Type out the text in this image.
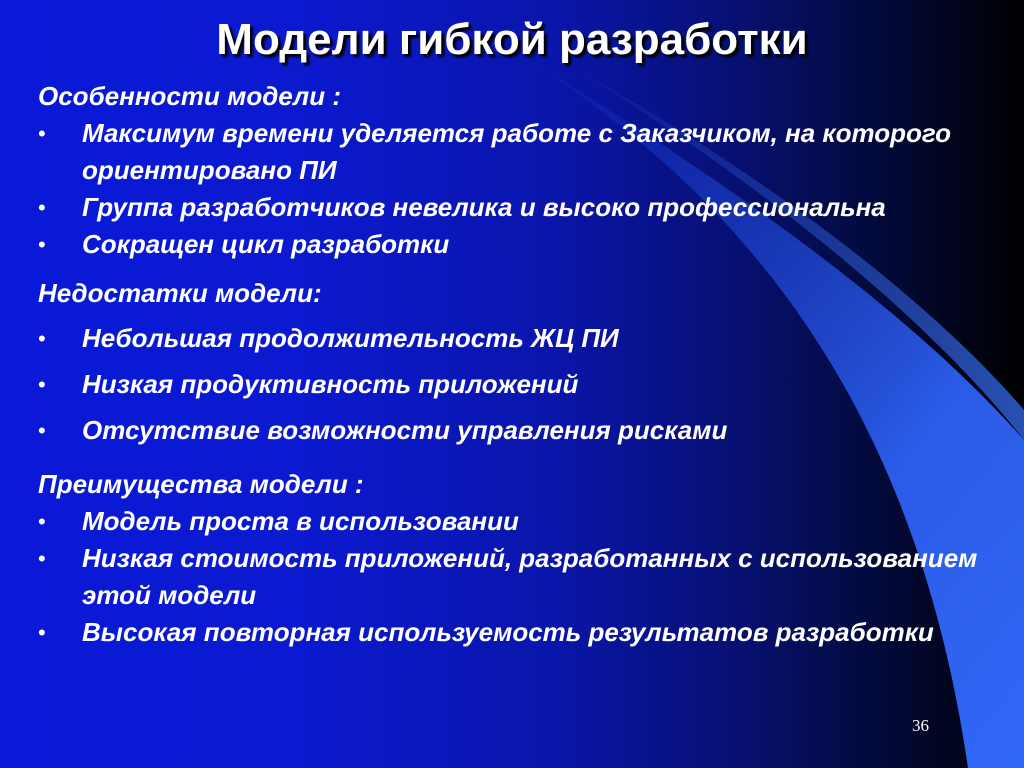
Модели гибкой разработки

Особенности модели :

• Максимум времени уделяется работе с Заказчиком, на которого ориентировано ПИ
• Группа разработчиков невелика и высоко профессиональна
• Сокращен цикл разработки

Недостатки модели:

• Небольшая продолжительность ЖЦ ПИ
• Низкая продуктивность приложений
• Отсутствие возможности управления рисками

Преимущества модели :

• Модель проста в использовании
• Низкая стоимость приложений, разработанных с использованием этой модели
• Высокая повторная используемость результатов разработки
36
